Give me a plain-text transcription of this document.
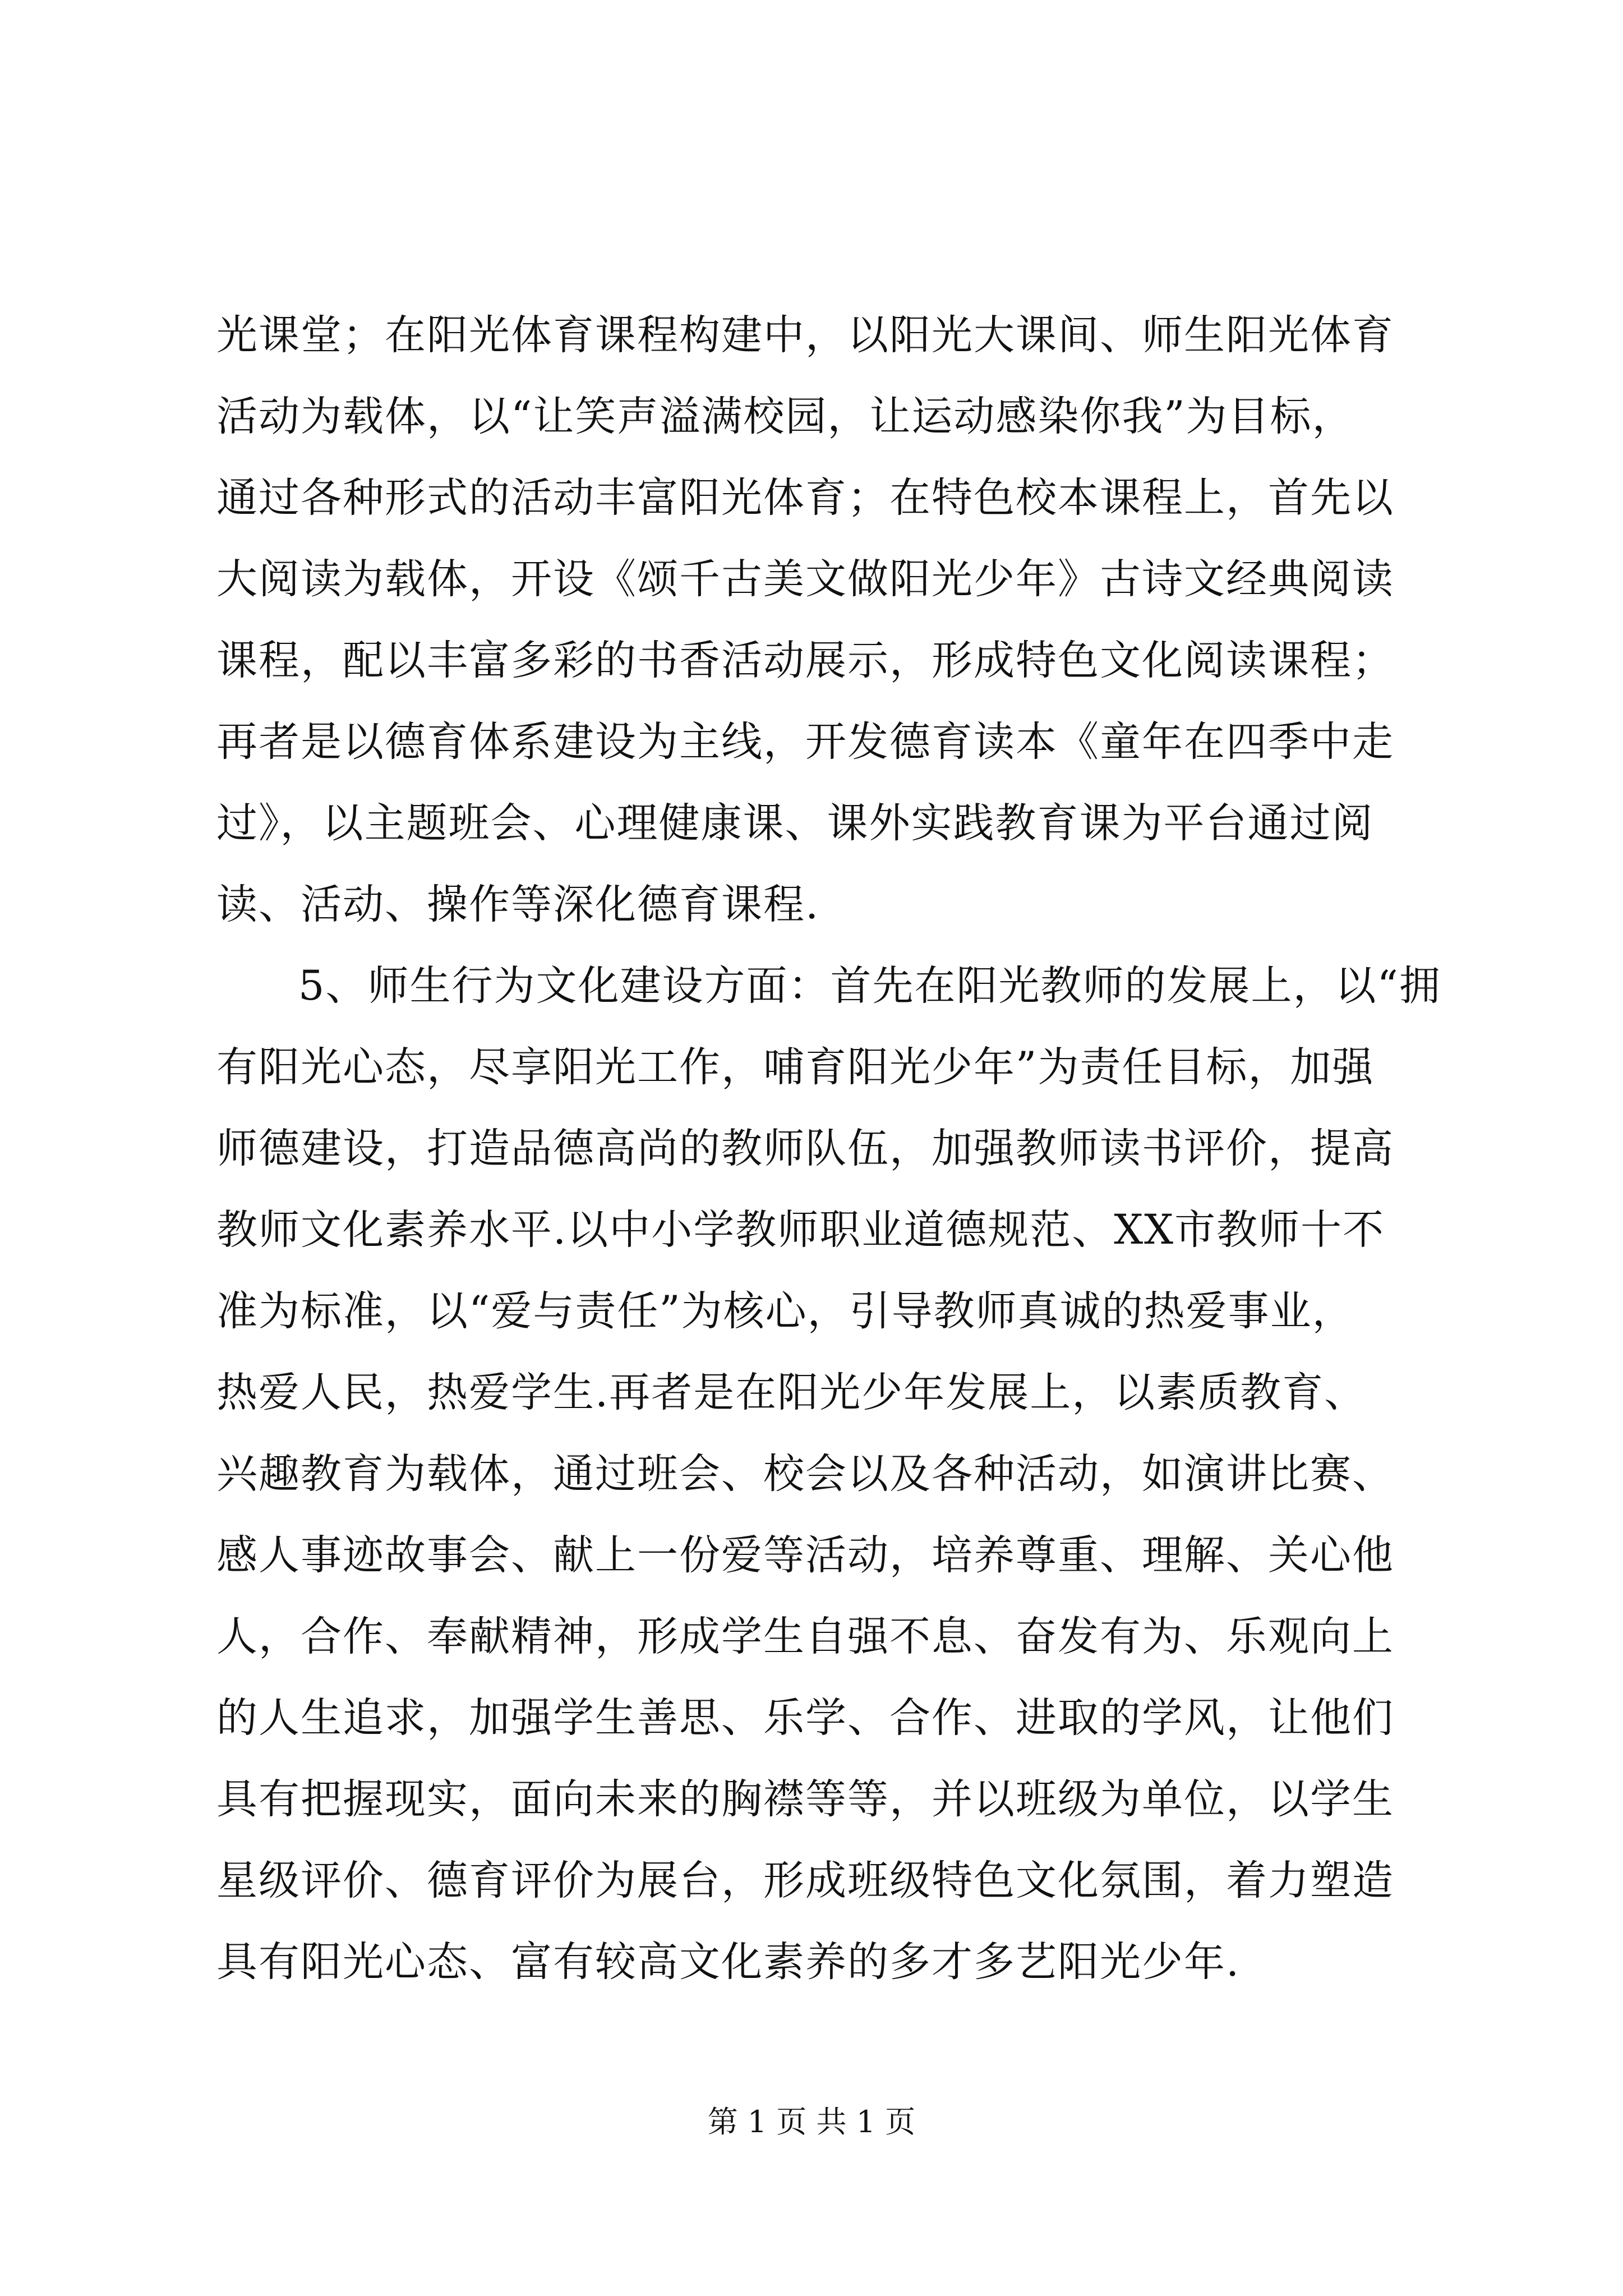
光课堂；在阳光体育课程构建中，以阳光大课间、师生阳光体育
活动为载体，以“让笑声溢满校园，让运动感染你我”为目标，
通过各种形式的活动丰富阳光体育；在特色校本课程上，首先以
大阅读为载体，开设《颂千古美文做阳光少年》古诗文经典阅读
课程，配以丰富多彩的书香活动展示，形成特色文化阅读课程；
再者是以德育体系建设为主线，开发德育读本《童年在四季中走
过》，以主题班会、心理健康课、课外实践教育课为平台通过阅
读、活动、操作等深化德育课程.
5、师生行为文化建设方面：首先在阳光教师的发展上，以“拥
有阳光心态，尽享阳光工作，哺育阳光少年”为责任目标，加强
师德建设，打造品德高尚的教师队伍，加强教师读书评价，提高
教师文化素养水平.以中小学教师职业道德规范、XX市教师十不
准为标准，以“爱与责任”为核心，引导教师真诚的热爱事业，
热爱人民，热爱学生.再者是在阳光少年发展上，以素质教育、
兴趣教育为载体，通过班会、校会以及各种活动，如演讲比赛、
感人事迹故事会、献上一份爱等活动，培养尊重、理解、关心他
人，合作、奉献精神，形成学生自强不息、奋发有为、乐观向上
的人生追求，加强学生善思、乐学、合作、进取的学风，让他们
具有把握现实，面向未来的胸襟等等，并以班级为单位，以学生
星级评价、德育评价为展台，形成班级特色文化氛围，着力塑造
具有阳光心态、富有较高文化素养的多才多艺阳光少年.
第 1 页 共 1 页
